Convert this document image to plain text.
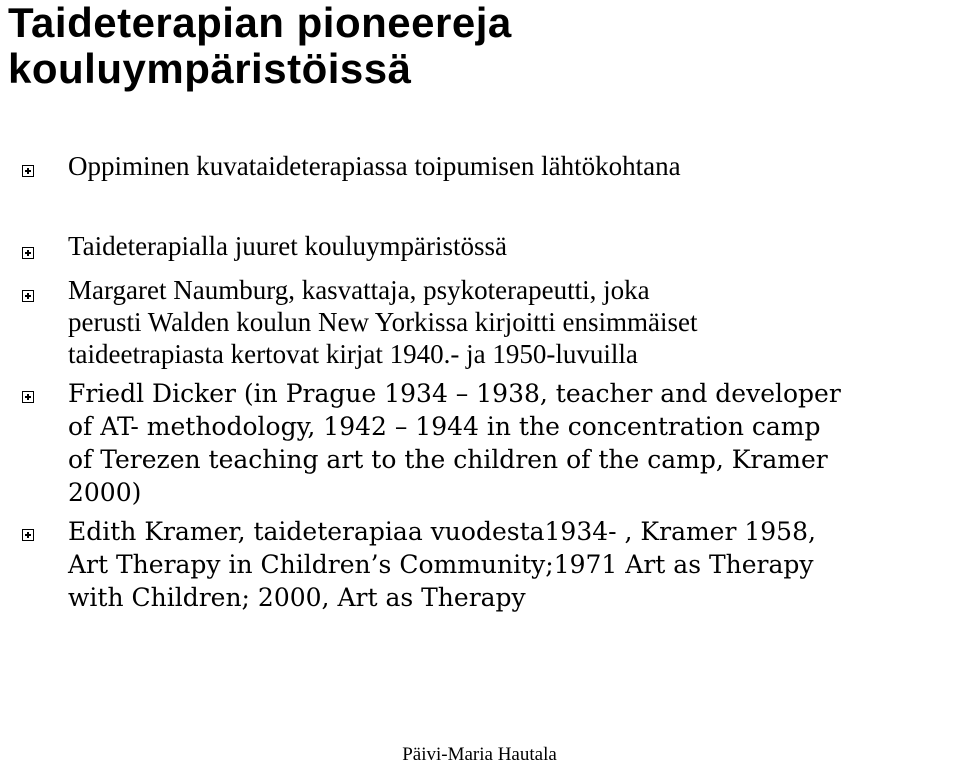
Taideterapian pioneereja
kouluympäristöissä
Oppiminen kuvataideterapiassa toipumisen lähtökohtana
Taideterapialla juuret kouluympäristössä
Margaret Naumburg, kasvattaja, psykoterapeutti, joka
perusti Walden koulun New Yorkissa kirjoitti ensimmäiset
taideetrapiasta kertovat kirjat 1940.- ja 1950-luvuilla
Friedl Dicker (in Prague 1934 – 1938, teacher and developer
of AT- methodology, 1942 – 1944 in the concentration camp
of Terezen teaching art to the children of the camp, Kramer
2000)
Edith Kramer, taideterapiaa vuodesta1934- , Kramer 1958,
Art Therapy in Children’s Community;1971 Art as Therapy
with Children; 2000, Art as Therapy
Päivi-Maria Hautala
